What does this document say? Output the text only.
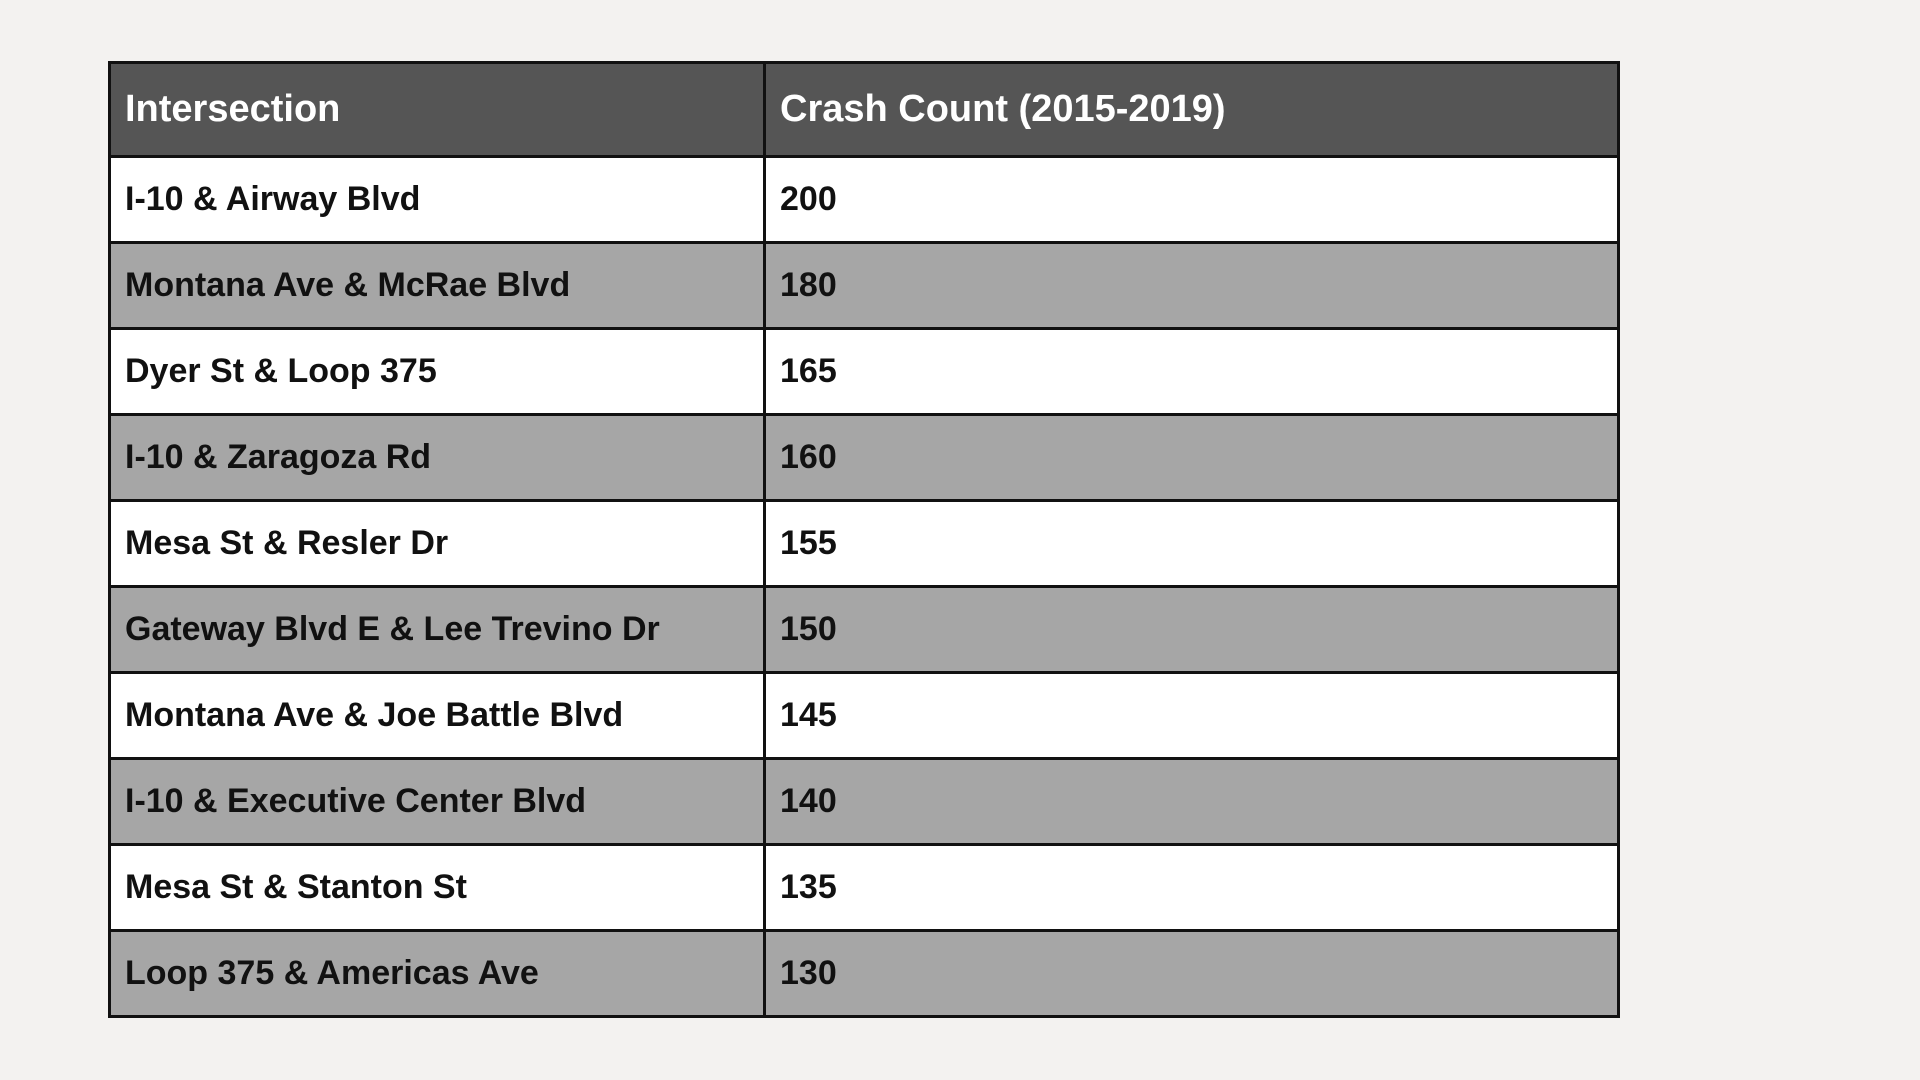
Intersection	Crash Count (2015-2019)
I-10 & Airway Blvd	200
Montana Ave & McRae Blvd	180
Dyer St & Loop 375	165
I-10 & Zaragoza Rd	160
Mesa St & Resler Dr	155
Gateway Blvd E & Lee Trevino Dr	150
Montana Ave & Joe Battle Blvd	145
I-10 & Executive Center Blvd	140
Mesa St & Stanton St	135
Loop 375 & Americas Ave	130
